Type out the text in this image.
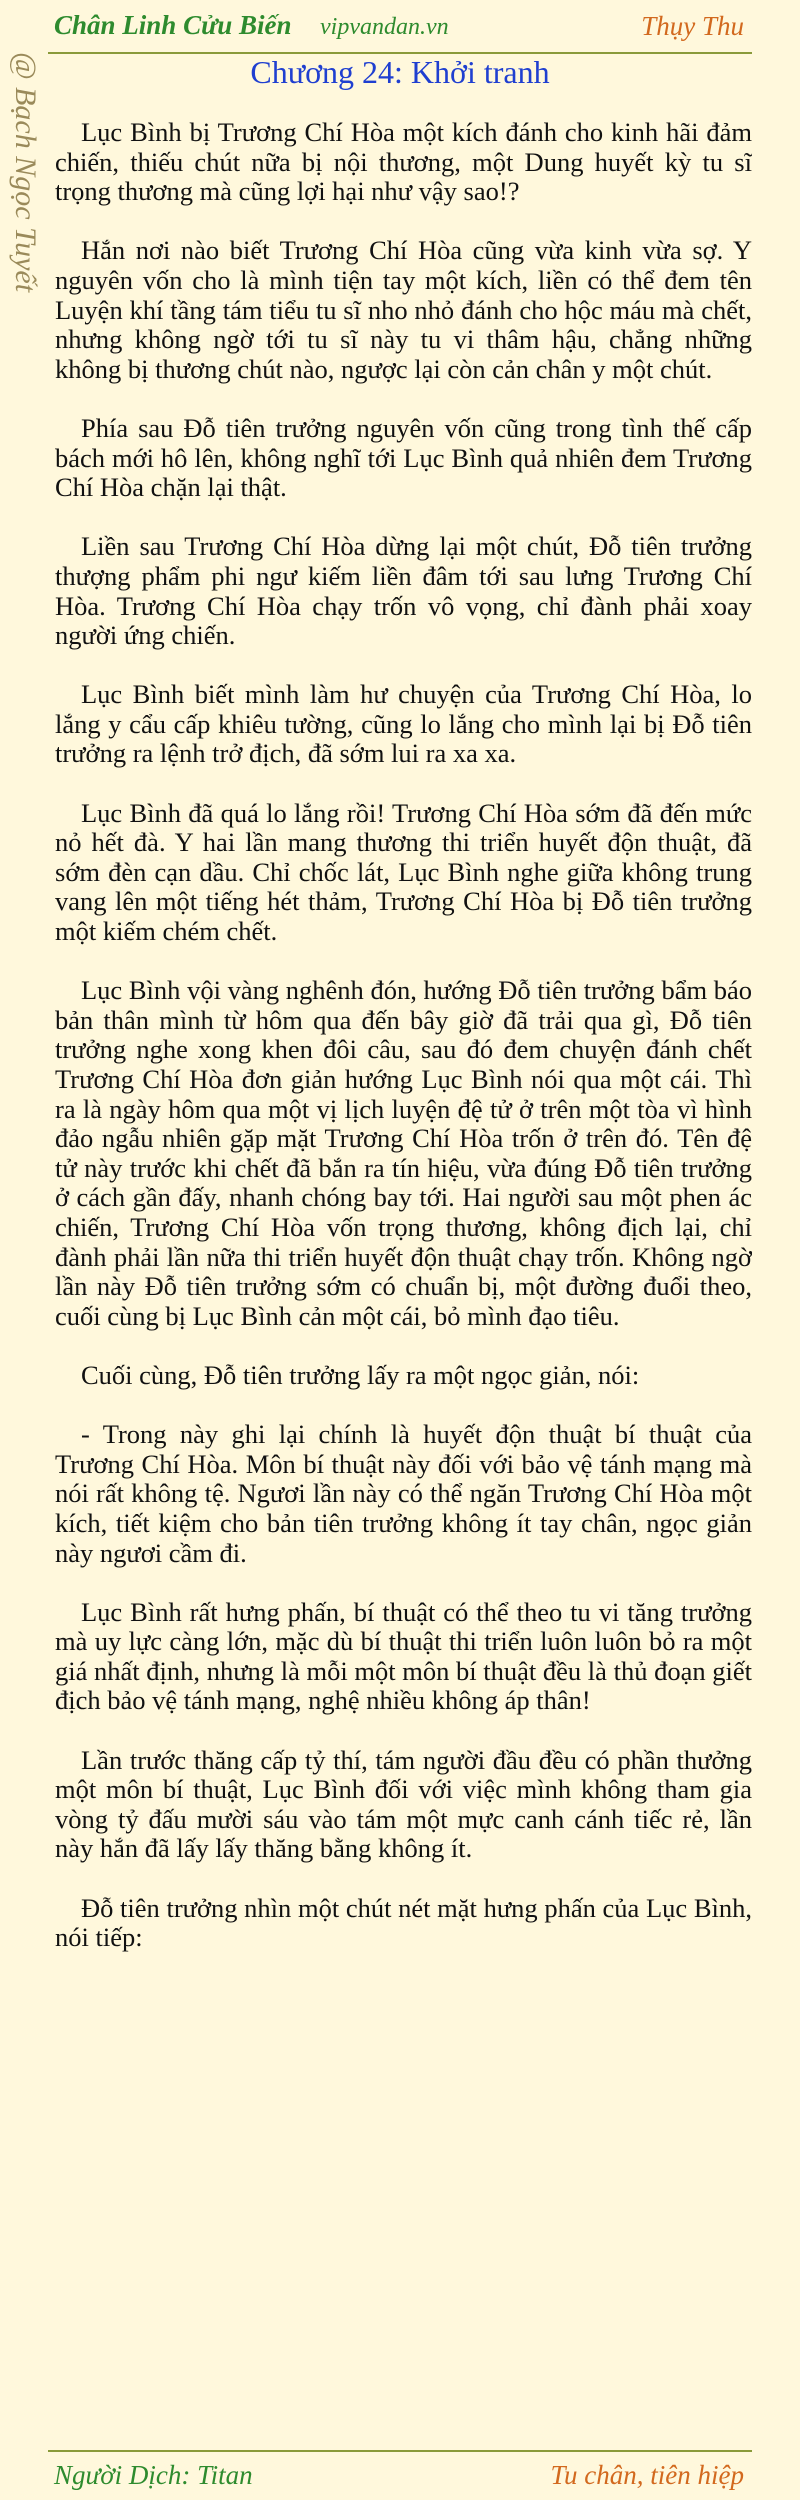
Chân Linh Cửu Biến vipvandan.vn	Thụy Thu
@ Bạch Ngọc Tuyết	Chương 24: Khởi tranh

Lục Bình bị Trương Chí Hòa một kích đánh cho kinh hãi đảm chiến, thiếu chút nữa bị nội thương, một Dung huyết kỳ tu sĩ trọng thương mà cũng lợi hại như vậy sao!?

Hắn nơi nào biết Trương Chí Hòa cũng vừa kinh vừa sợ. Y nguyên vốn cho là mình tiện tay một kích, liền có thể đem tên Luyện khí tầng tám tiểu tu sĩ nho nhỏ đánh cho hộc máu mà chết, nhưng không ngờ tới tu sĩ này tu vi thâm hậu, chẳng những không bị thương chút nào, ngược lại còn cản chân y một chút.

Phía sau Đỗ tiên trưởng nguyên vốn cũng trong tình thế cấp bách mới hô lên, không nghĩ tới Lục Bình quả nhiên đem Trương Chí Hòa chặn lại thật.

Liền sau Trương Chí Hòa dừng lại một chút, Đỗ tiên trưởng thượng phẩm phi ngư kiếm liền đâm tới sau lưng Trương Chí Hòa. Trương Chí Hòa chạy trốn vô vọng, chỉ đành phải xoay người ứng chiến.

Lục Bình biết mình làm hư chuyện của Trương Chí Hòa, lo lắng y cẩu cấp khiêu tường, cũng lo lắng cho mình lại bị Đỗ tiên trưởng ra lệnh trở địch, đã sớm lui ra xa xa.

Lục Bình đã quá lo lắng rồi! Trương Chí Hòa sớm đã đến mức nỏ hết đà. Y hai lần mang thương thi triển huyết độn thuật, đã sớm đèn cạn dầu. Chỉ chốc lát, Lục Bình nghe giữa không trung vang lên một tiếng hét thảm, Trương Chí Hòa bị Đỗ tiên trưởng một kiếm chém chết.

Lục Bình vội vàng nghênh đón, hướng Đỗ tiên trưởng bẩm báo bản thân mình từ hôm qua đến bây giờ đã trải qua gì, Đỗ tiên trưởng nghe xong khen đôi câu, sau đó đem chuyện đánh chết Trương Chí Hòa đơn giản hướng Lục Bình nói qua một cái. Thì ra là ngày hôm qua một vị lịch luyện đệ tử ở trên một tòa vì hình đảo ngẫu nhiên gặp mặt Trương Chí Hòa trốn ở trên đó. Tên đệ tử này trước khi chết đã bắn ra tín hiệu, vừa đúng Đỗ tiên trưởng ở cách gần đấy, nhanh chóng bay tới. Hai người sau một phen ác chiến, Trương Chí Hòa vốn trọng thương, không địch lại, chỉ đành phải lần nữa thi triển huyết độn thuật chạy trốn. Không ngờ lần này Đỗ tiên trưởng sớm có chuẩn bị, một đường đuổi theo, cuối cùng bị Lục Bình cản một cái, bỏ mình đạo tiêu.

Cuối cùng, Đỗ tiên trưởng lấy ra một ngọc giản, nói:

- Trong này ghi lại chính là huyết độn thuật bí thuật của Trương Chí Hòa. Môn bí thuật này đối với bảo vệ tánh mạng mà nói rất không tệ. Ngươi lần này có thể ngăn Trương Chí Hòa một kích, tiết kiệm cho bản tiên trưởng không ít tay chân, ngọc giản này ngươi cầm đi.

Lục Bình rất hưng phấn, bí thuật có thể theo tu vi tăng trưởng mà uy lực càng lớn, mặc dù bí thuật thi triển luôn luôn bỏ ra một giá nhất định, nhưng là mỗi một môn bí thuật đều là thủ đoạn giết địch bảo vệ tánh mạng, nghệ nhiều không áp thân!

Lần trước thăng cấp tỷ thí, tám người đầu đều có phần thưởng một môn bí thuật, Lục Bình đối với việc mình không tham gia vòng tỷ đấu mười sáu vào tám một mực canh cánh tiếc rẻ, lần này hắn đã lấy lấy thăng bằng không ít.

Đỗ tiên trưởng nhìn một chút nét mặt hưng phấn của Lục Bình, nói tiếp:

Người Dịch: Titan	Tu chân, tiên hiệp
